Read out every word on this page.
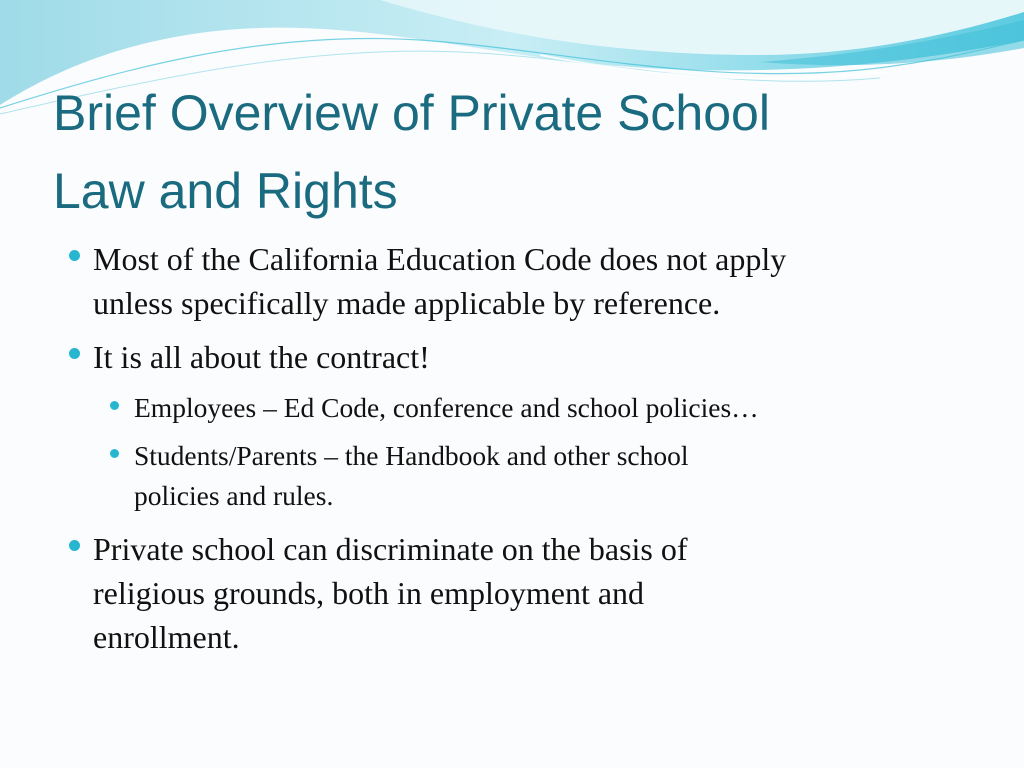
Brief Overview of Private School
Law and Rights
Most of the California Education Code does not apply
unless specifically made applicable by reference.
It is all about the contract!
Employees – Ed Code, conference and school policies…
Students/Parents – the Handbook and other school
policies and rules.
Private school can discriminate on the basis of
religious grounds, both in employment and
enrollment.
